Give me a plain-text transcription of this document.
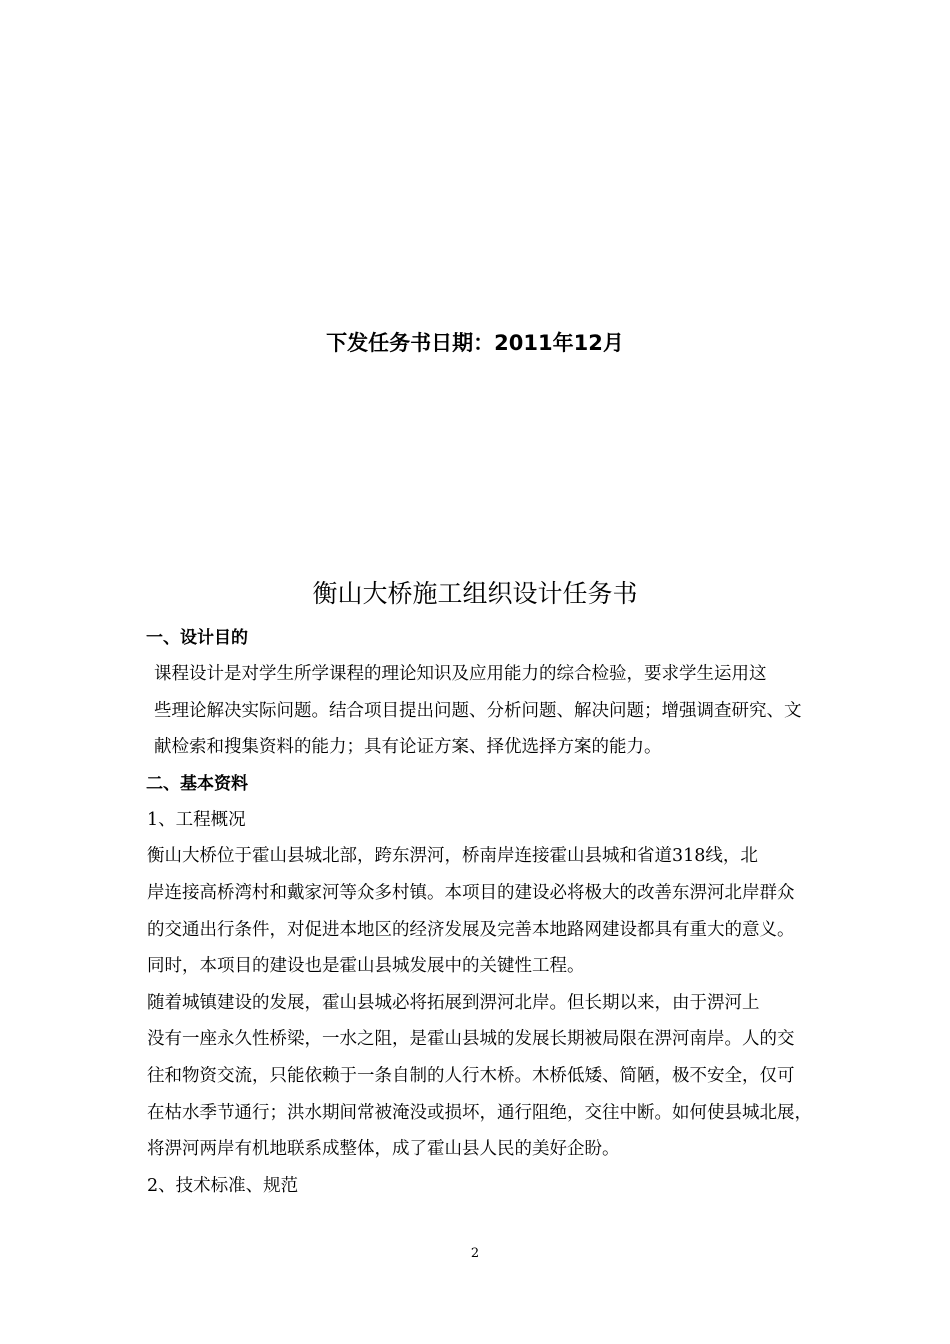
下发任务书日期：2011年12月
衡山大桥施工组织设计任务书
一、设计目的
课程设计是对学生所学课程的理论知识及应用能力的综合检验，要求学生运用这
些理论解决实际问题。结合项目提出问题、分析问题、解决问题；增强调查研究、文
献检索和搜集资料的能力；具有论证方案、择优选择方案的能力。
二、基本资料
1、工程概况
衡山大桥位于霍山县城北部，跨东淠河，桥南岸连接霍山县城和省道318线，北
岸连接高桥湾村和戴家河等众多村镇。本项目的建设必将极大的改善东淠河北岸群众
的交通出行条件，对促进本地区的经济发展及完善本地路网建设都具有重大的意义。
同时，本项目的建设也是霍山县城发展中的关键性工程。
随着城镇建设的发展，霍山县城必将拓展到淠河北岸。但长期以来，由于淠河上
没有一座永久性桥梁，一水之阻，是霍山县城的发展长期被局限在淠河南岸。人的交
往和物资交流，只能依赖于一条自制的人行木桥。木桥低矮、简陋，极不安全，仅可
在枯水季节通行；洪水期间常被淹没或损坏，通行阻绝，交往中断。如何使县城北展，
将淠河两岸有机地联系成整体，成了霍山县人民的美好企盼。
2、技术标准、规范
2
